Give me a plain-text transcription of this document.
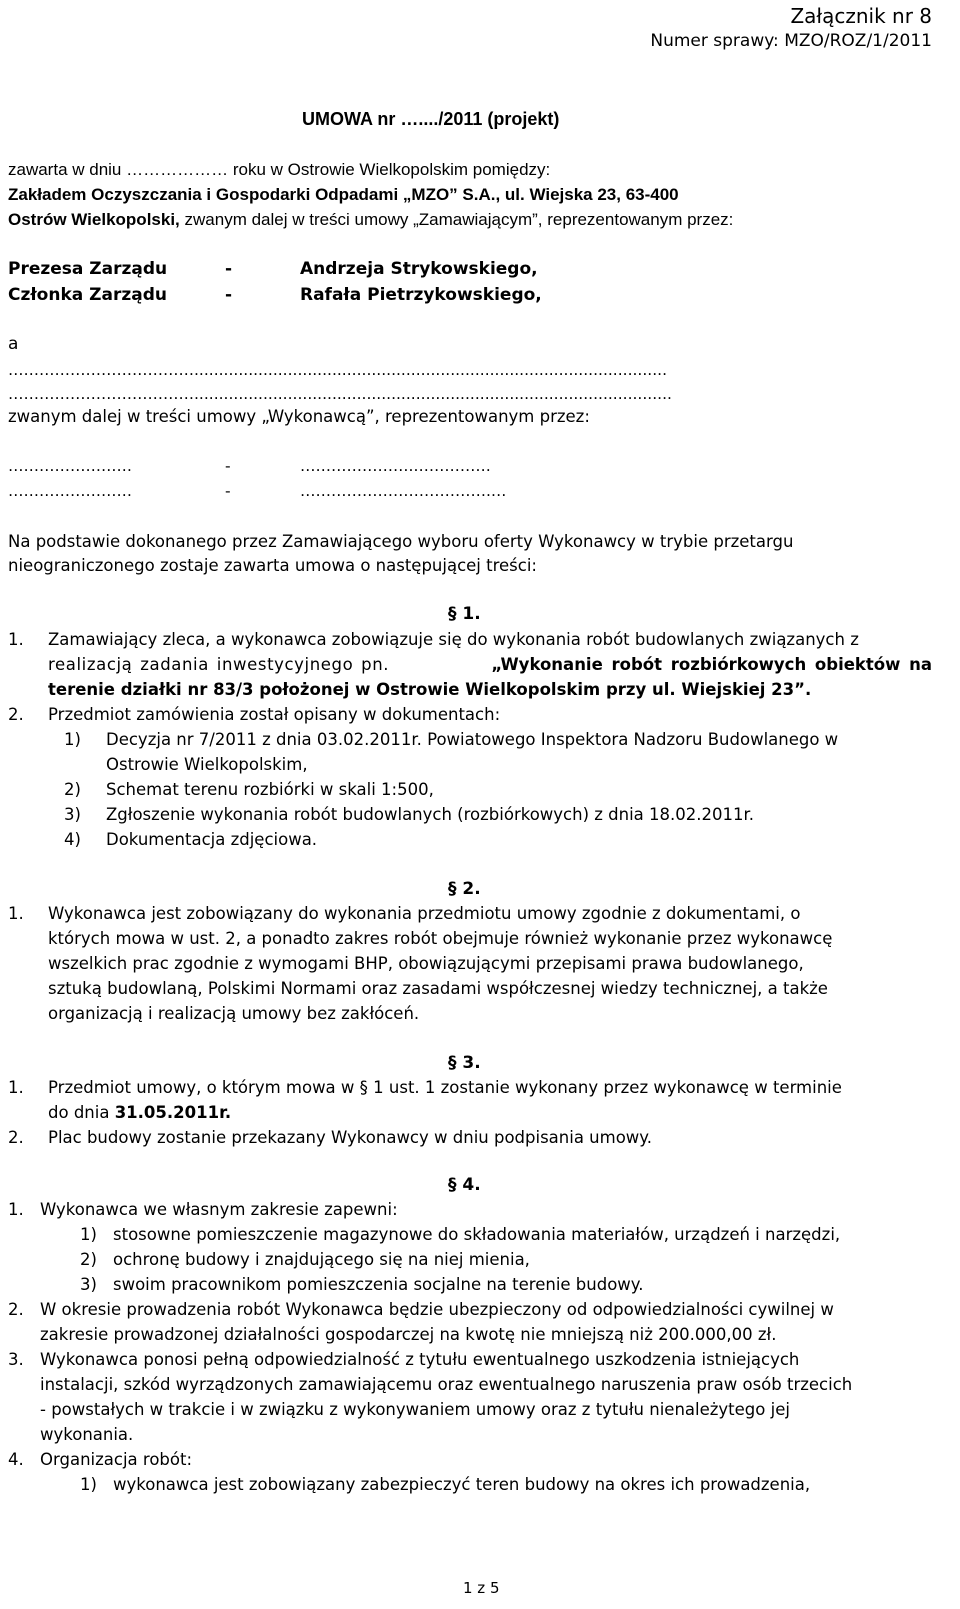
Załącznik nr 8
Numer sprawy: MZO/ROZ/1/2011
UMOWA nr …..../2011 (projekt)
zawarta w dniu ……………… roku w Ostrowie Wielkopolskim pomiędzy:
Zakładem Oczyszczania i Gospodarki Odpadami „MZO” S.A., ul. Wiejska 23, 63-400
Ostrów Wielkopolski, zwanym dalej w treści umowy „Zamawiającym”, reprezentowanym przez:
Prezesa Zarządu	-	Andrzeja Strykowskiego,
Członka Zarządu	-	Rafała Pietrzykowskiego,
a
………………………………................................................................................................
……………………………….................................................................................................
zwanym dalej w treści umowy „Wykonawcą”, reprezentowanym przez:
……………………	-	………………….……………
……………………	-	……………………………….…
Na podstawie dokonanego przez Zamawiającego wyboru oferty Wykonawcy w trybie przetargu
nieograniczonego zostaje zawarta umowa o następującej treści:
§ 1.
1. Zamawiający zleca, a wykonawca zobowiązuje się do wykonania robót budowlanych związanych z
realizacją zadania inwestycyjnego pn.	„Wykonanie robót rozbiórkowych obiektów na
terenie działki nr 83/3 położonej w Ostrowie Wielkopolskim przy ul. Wiejskiej 23”.
2. Przedmiot zamówienia został opisany w dokumentach:
1) Decyzja nr 7/2011 z dnia 03.02.2011r. Powiatowego Inspektora Nadzoru Budowlanego w
Ostrowie Wielkopolskim,
2) Schemat terenu rozbiórki w skali 1:500,
3) Zgłoszenie wykonania robót budowlanych (rozbiórkowych) z dnia 18.02.2011r.
4) Dokumentacja zdjęciowa.
§ 2.
1. Wykonawca jest zobowiązany do wykonania przedmiotu umowy zgodnie z dokumentami, o
których mowa w ust. 2, a ponadto zakres robót obejmuje również wykonanie przez wykonawcę
wszelkich prac zgodnie z wymogami BHP, obowiązującymi przepisami prawa budowlanego,
sztuką budowlaną, Polskimi Normami oraz zasadami współczesnej wiedzy technicznej, a także
organizacją i realizacją umowy bez zakłóceń.
§ 3.
1. Przedmiot umowy, o którym mowa w § 1 ust. 1 zostanie wykonany przez wykonawcę w terminie
do dnia 31.05.2011r.
2. Plac budowy zostanie przekazany Wykonawcy w dniu podpisania umowy.
§ 4.
1. Wykonawca we własnym zakresie zapewni:
1) stosowne pomieszczenie magazynowe do składowania materiałów, urządzeń i narzędzi,
2) ochronę budowy i znajdującego się na niej mienia,
3) swoim pracownikom pomieszczenia socjalne na terenie budowy.
2. W okresie prowadzenia robót Wykonawca będzie ubezpieczony od odpowiedzialności cywilnej w
zakresie prowadzonej działalności gospodarczej na kwotę nie mniejszą niż 200.000,00 zł.
3. Wykonawca ponosi pełną odpowiedzialność z tytułu ewentualnego uszkodzenia istniejących
instalacji, szkód wyrządzonych zamawiającemu oraz ewentualnego naruszenia praw osób trzecich
- powstałych w trakcie i w związku z wykonywaniem umowy oraz z tytułu nienależytego jej
wykonania.
4. Organizacja robót:
1) wykonawca jest zobowiązany zabezpieczyć teren budowy na okres ich prowadzenia,
1 z 5
